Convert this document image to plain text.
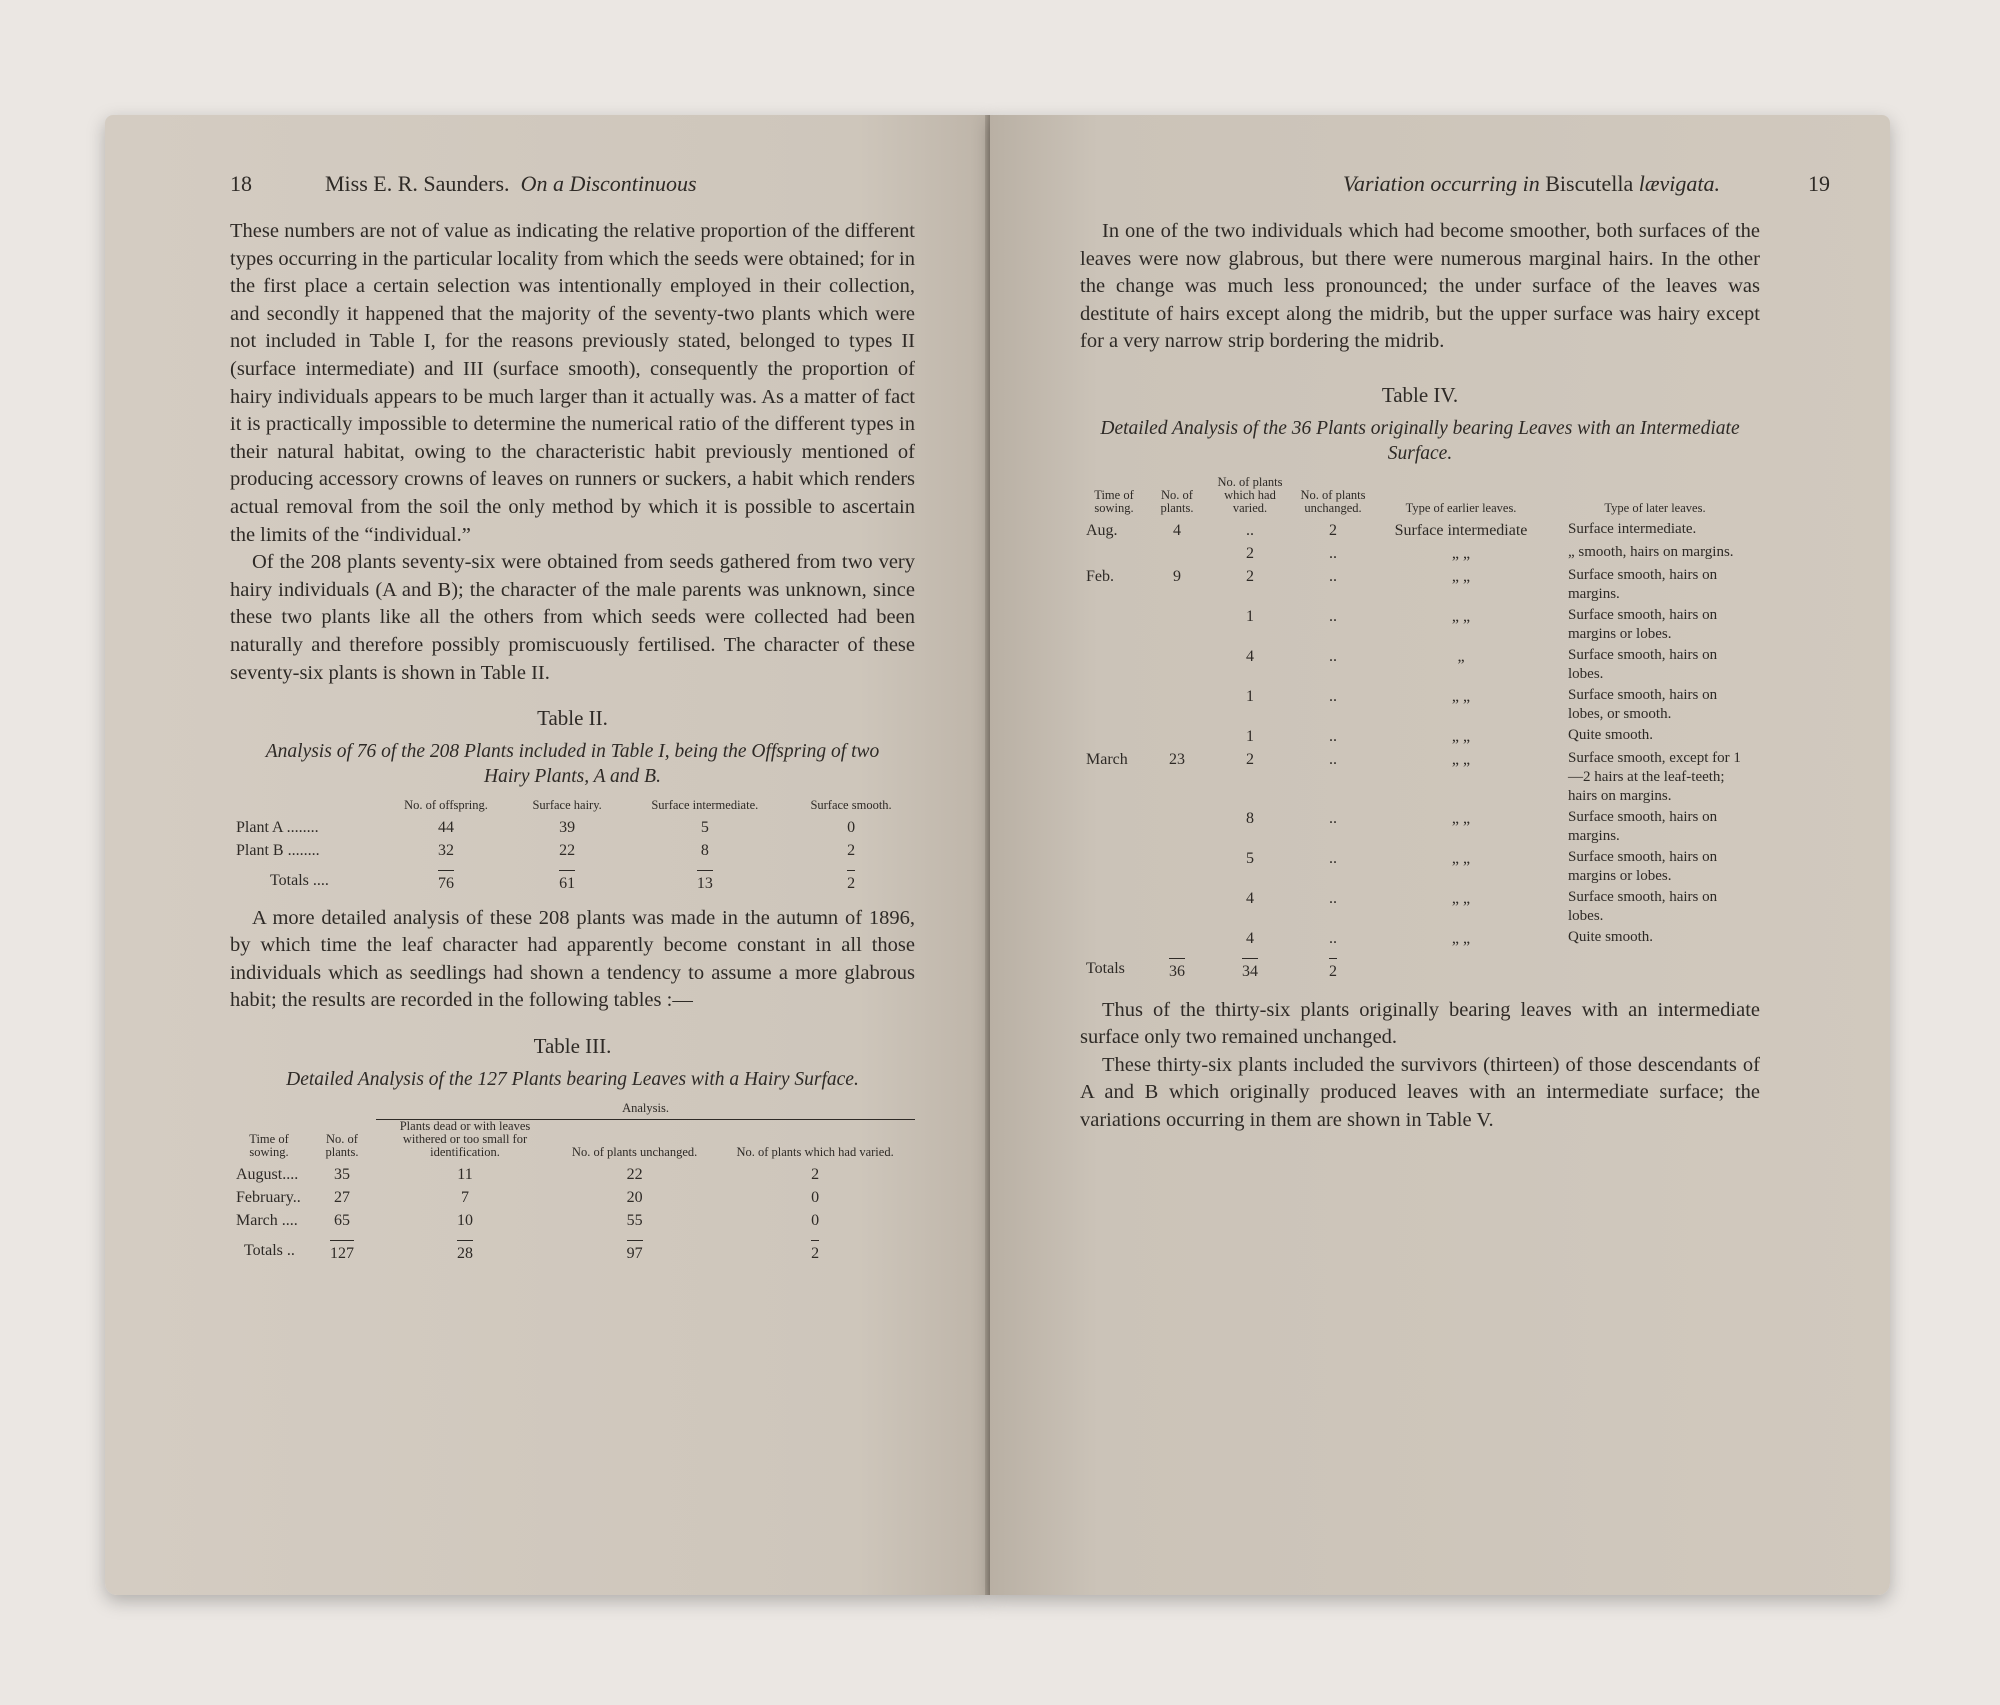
18	Miss E. R. Saunders. On a Discontinuous

These numbers are not of value as indicating the relative proportion of the different types occurring in the particular locality from which the seeds were obtained; for in the first place a certain selection was intentionally employed in their collection, and secondly it happened that the majority of the seventy-two plants which were not included in Table I, for the reasons previously stated, belonged to types II (surface intermediate) and III (surface smooth), consequently the proportion of hairy individuals appears to be much larger than it actually was. As a matter of fact it is practically impossible to determine the numerical ratio of the different types in their natural habitat, owing to the characteristic habit previously mentioned of producing accessory crowns of leaves on runners or suckers, a habit which renders actual removal from the soil the only method by which it is possible to ascertain the limits of the “individual.”

Of the 208 plants seventy-six were obtained from seeds gathered from two very hairy individuals (A and B); the character of the male parents was unknown, since these two plants like all the others from which seeds were collected had been naturally and therefore possibly promiscuously fertilised. The character of these seventy-six plants is shown in Table II.

Table II.
Analysis of 76 of the 208 Plants included in Table I, being the Offspring of two Hairy Plants, A and B.
	No. of offspring.	Surface hairy.	Surface intermediate.	Surface smooth.
Plant A ........	44	39	5	0
Plant B ........	32	22	8	2
Totals ....	76	61	13	2

A more detailed analysis of these 208 plants was made in the autumn of 1896, by which time the leaf character had apparently become constant in all those individuals which as seedlings had shown a tendency to assume a more glabrous habit; the results are recorded in the following tables :—

Table III.
Detailed Analysis of the 127 Plants bearing Leaves with a Hairy Surface.
		Analysis.		
Time of sowing.	No. of plants.	Plants dead or with leaves withered or too small for identification.	No. of plants unchanged.	No. of plants which had varied.
August....	35	11	22	2
February..	27	7	20	0
March ....	65	10	55	0
Totals ..	127	28	97	2
Variation occurring in Biscutella lævigata.	19

In one of the two individuals which had become smoother, both surfaces of the leaves were now glabrous, but there were numerous marginal hairs. In the other the change was much less pronounced; the under surface of the leaves was destitute of hairs except along the midrib, but the upper surface was hairy except for a very narrow strip bordering the midrib.

Table IV.
Detailed Analysis of the 36 Plants originally bearing Leaves with an Intermediate Surface.
Time of sowing.	No. of plants.	No. of plants which had varied.	No. of plants unchanged.	Type of earlier leaves.	Type of later leaves.
Aug.	4	..	2	Surface intermediate	Surface intermediate.
		2	..	„ „	„ smooth, hairs on margins.
Feb.	9	2	..	„ „	Surface smooth, hairs on margins.
		1	..	„ „	Surface smooth, hairs on margins or lobes.
		4	..	„	Surface smooth, hairs on lobes.
		1	..	„ „	Surface smooth, hairs on lobes, or smooth.
		1	..	„ „	Quite smooth.
March	23	2	..	„ „	Surface smooth, except for 1—2 hairs at the leaf-teeth; hairs on margins.
		8	..	„ „	Surface smooth, hairs on margins.
		5	..	„ „	Surface smooth, hairs on margins or lobes.
		4	..	„ „	Surface smooth, hairs on lobes.
		4	..	„ „	Quite smooth.
Totals	36	34	2		

Thus of the thirty-six plants originally bearing leaves with an intermediate surface only two remained unchanged.

These thirty-six plants included the survivors (thirteen) of those descendants of A and B which originally produced leaves with an intermediate surface; the variations occurring in them are shown in Table V.
